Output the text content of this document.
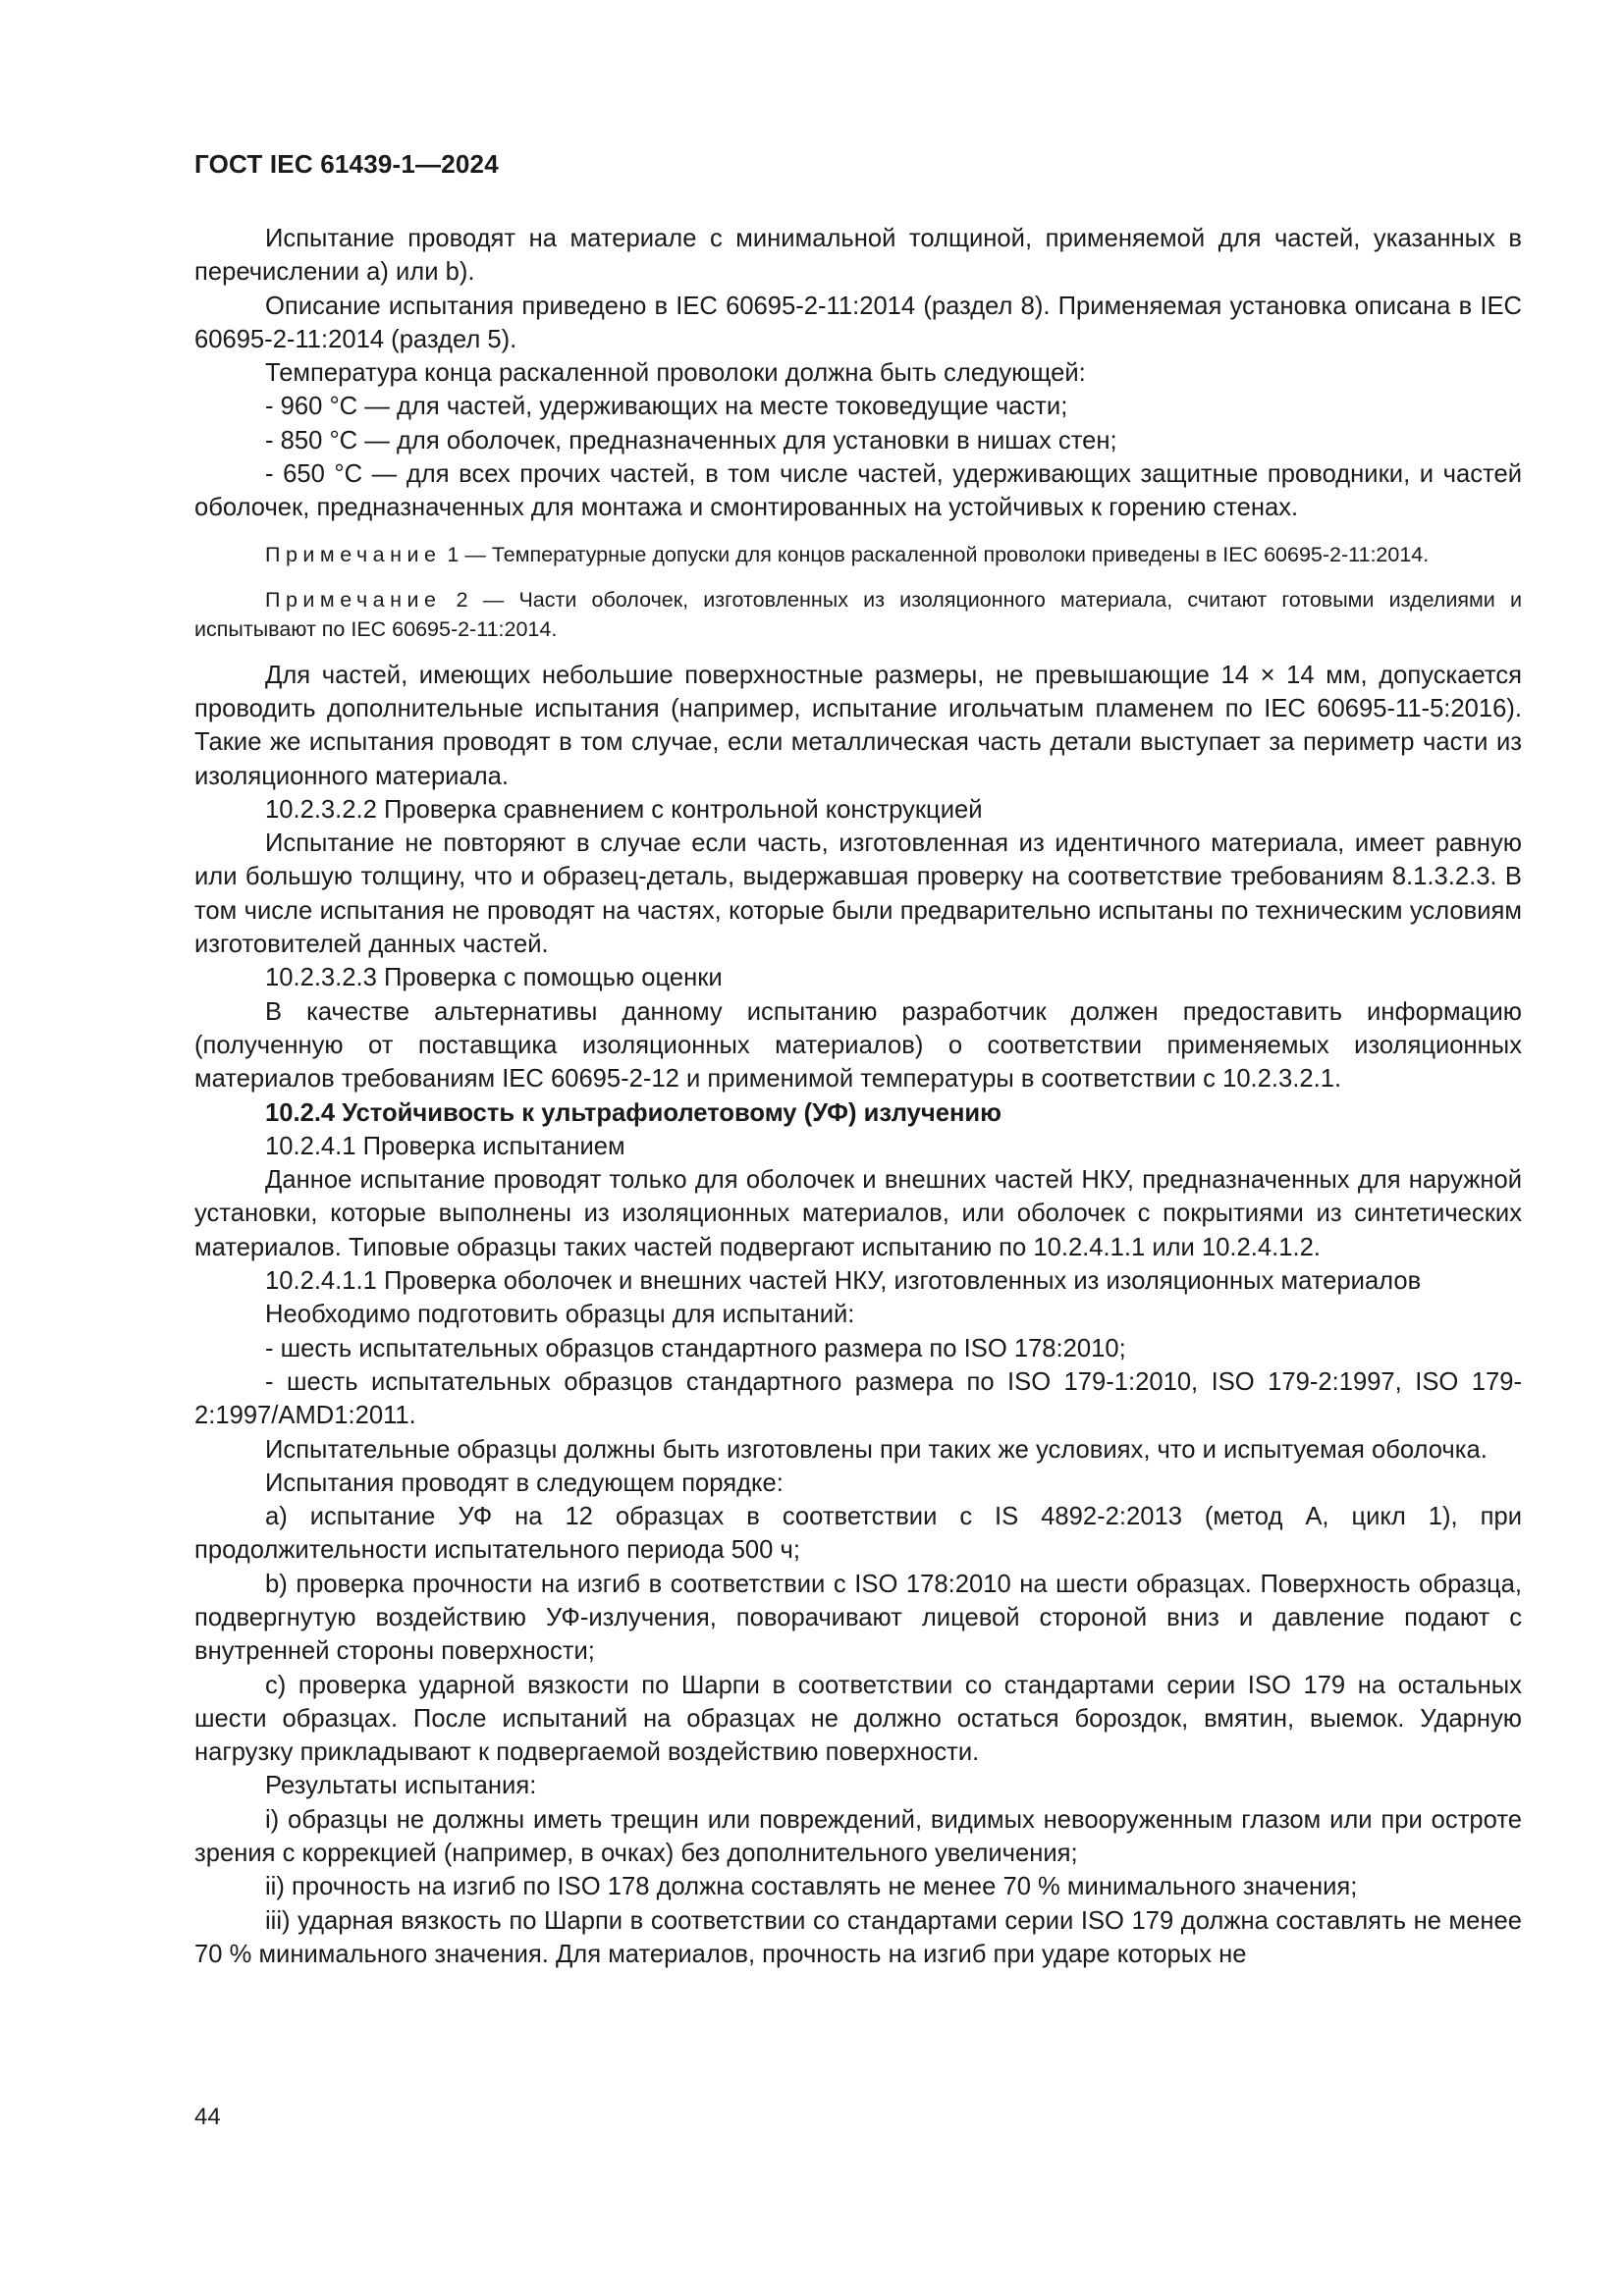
ГОСТ IEC 61439-1—2024

Испытание проводят на материале с минимальной толщиной, применяемой для частей, указанных в перечислении а) или b).

Описание испытания приведено в IEC 60695-2-11:2014 (раздел 8). Применяемая установка описана в IEC 60695-2-11:2014 (раздел 5).

Температура конца раскаленной проволоки должна быть следующей:

- 960 °С — для частей, удерживающих на месте токоведущие части;

- 850 °С — для оболочек, предназначенных для установки в нишах стен;

- 650 °С — для всех прочих частей, в том числе частей, удерживающих защитные проводники, и частей оболочек, предназначенных для монтажа и смонтированных на устойчивых к горению стенах.

Примечание 1 — Температурные допуски для концов раскаленной проволоки приведены в IEC 60695-2-11:2014.

Примечание 2 — Части оболочек, изготовленных из изоляционного материала, считают готовыми изделиями и испытывают по IEC 60695-2-11:2014.

Для частей, имеющих небольшие поверхностные размеры, не превышающие 14 × 14 мм, допускается проводить дополнительные испытания (например, испытание игольчатым пламенем по IEC 60695-11-5:2016). Такие же испытания проводят в том случае, если металлическая часть детали выступает за периметр части из изоляционного материала.

10.2.3.2.2 Проверка сравнением с контрольной конструкцией

Испытание не повторяют в случае если часть, изготовленная из идентичного материала, имеет равную или большую толщину, что и образец-деталь, выдержавшая проверку на соответствие требованиям 8.1.3.2.3. В том числе испытания не проводят на частях, которые были предварительно испытаны по техническим условиям изготовителей данных частей.

10.2.3.2.3 Проверка с помощью оценки

В качестве альтернативы данному испытанию разработчик должен предоставить информацию (полученную от поставщика изоляционных материалов) о соответствии применяемых изоляционных материалов требованиям IEC 60695-2-12 и применимой температуры в соответствии с 10.2.3.2.1.

10.2.4 Устойчивость к ультрафиолетовому (УФ) излучению

10.2.4.1 Проверка испытанием

Данное испытание проводят только для оболочек и внешних частей НКУ, предназначенных для наружной установки, которые выполнены из изоляционных материалов, или оболочек с покрытиями из синтетических материалов. Типовые образцы таких частей подвергают испытанию по 10.2.4.1.1 или 10.2.4.1.2.

10.2.4.1.1 Проверка оболочек и внешних частей НКУ, изготовленных из изоляционных материалов

Необходимо подготовить образцы для испытаний:

- шесть испытательных образцов стандартного размера по ISO 178:2010;

- шесть испытательных образцов стандартного размера по ISO 179-1:2010, ISO 179-2:1997, ISO 179-2:1997/AMD1:2011.

Испытательные образцы должны быть изготовлены при таких же условиях, что и испытуемая оболочка.

Испытания проводят в следующем порядке:

a) испытание УФ на 12 образцах в соответствии с IS 4892-2:2013 (метод А, цикл 1), при продолжительности испытательного периода 500 ч;

b) проверка прочности на изгиб в соответствии с ISO 178:2010 на шести образцах. Поверхность образца, подвергнутую воздействию УФ-излучения, поворачивают лицевой стороной вниз и давление подают с внутренней стороны поверхности;

c) проверка ударной вязкости по Шарпи в соответствии со стандартами серии ISO 179 на остальных шести образцах. После испытаний на образцах не должно остаться бороздок, вмятин, выемок. Ударную нагрузку прикладывают к подвергаемой воздействию поверхности.

Результаты испытания:

i) образцы не должны иметь трещин или повреждений, видимых невооруженным глазом или при остроте зрения с коррекцией (например, в очках) без дополнительного увеличения;

ii) прочность на изгиб по ISO 178 должна составлять не менее 70 % минимального значения;

iii) ударная вязкость по Шарпи в соответствии со стандартами серии ISO 179 должна составлять не менее 70 % минимального значения. Для материалов, прочность на изгиб при ударе которых не

44
